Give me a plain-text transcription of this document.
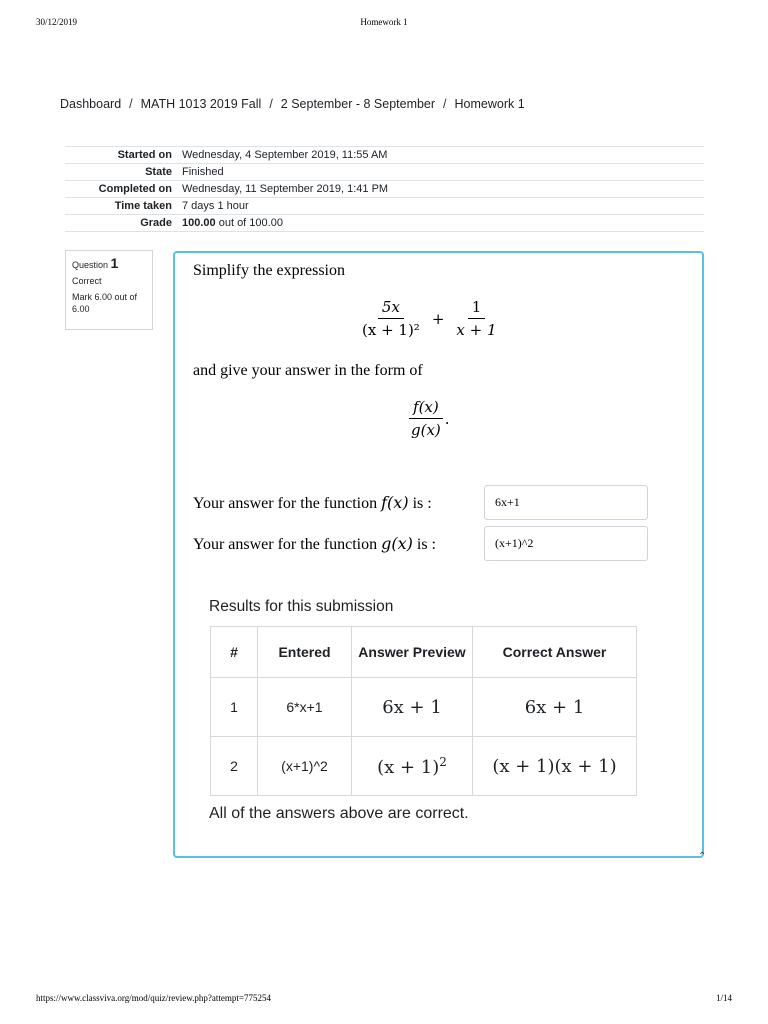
30/12/2019	Homework 1
Dashboard / MATH 1013 2019 Fall / 2 September - 8 September / Homework 1
Started on	Wednesday, 4 September 2019, 11:55 AM
State	Finished
Completed on	Wednesday, 11 September 2019, 1:41 PM
Time taken	7 days 1 hour
Grade	100.00 out of 100.00
Question 1
Correct
Mark 6.00 out of 6.00
Simplify the expression
$\frac{5x}{\text{(x + 1)²}} + \frac{1}{x + 1}$
and give your answer in the form of
$\frac{f(x)}{g(x)}$ .
Your answer for the function f(x) is :
6x+1
Your answer for the function g(x) is :
(x+1)^2
Results for this submission
#	Entered	Answer Preview	Correct Answer
1	6*x+1	6x + 1	6x + 1
2	(x+1)^2	$(x + 1)^2$	(x + 1)(x + 1)
All of the answers above are correct.
⌃
https://www.classviva.org/mod/quiz/review.php?attempt=775254	1/14
